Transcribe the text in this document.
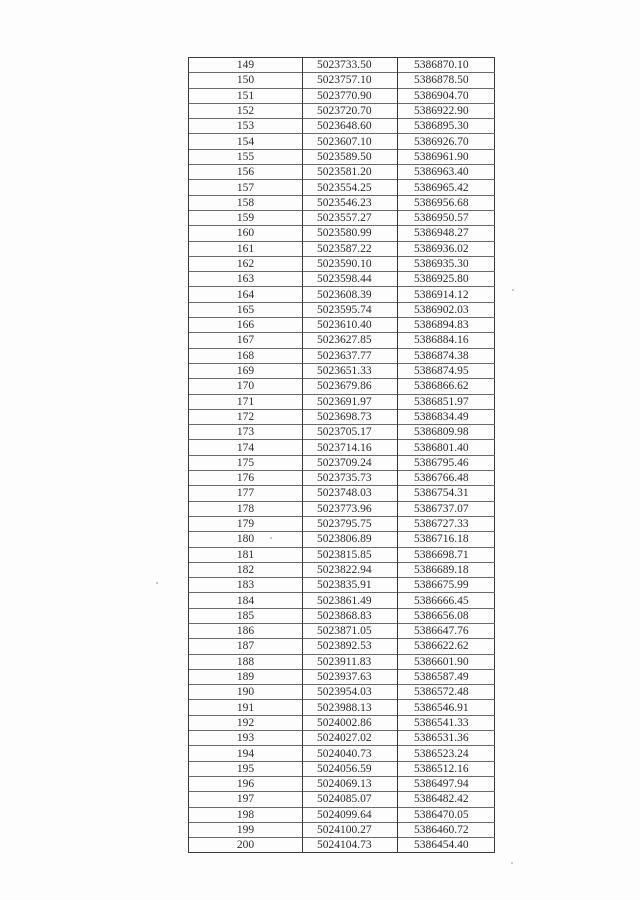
149	5023733.50	5386870.10
150	5023757.10	5386878.50
151	5023770.90	5386904.70
152	5023720.70	5386922.90
153	5023648.60	5386895.30
154	5023607.10	5386926.70
155	5023589.50	5386961.90
156	5023581.20	5386963.40
157	5023554.25	5386965.42
158	5023546.23	5386956.68
159	5023557.27	5386950.57
160	5023580.99	5386948.27
161	5023587.22	5386936.02
162	5023590.10	5386935.30
163	5023598.44	5386925.80
164	5023608.39	5386914.12
165	5023595.74	5386902.03
166	5023610.40	5386894.83
167	5023627.85	5386884.16
168	5023637.77	5386874.38
169	5023651.33	5386874.95
170	5023679.86	5386866.62
171	5023691.97	5386851.97
172	5023698.73	5386834.49
173	5023705.17	5386809.98
174	5023714.16	5386801.40
175	5023709.24	5386795.46
176	5023735.73	5386766.48
177	5023748.03	5386754.31
178	5023773.96	5386737.07
179	5023795.75	5386727.33
180	5023806.89	5386716.18
181	5023815.85	5386698.71
182	5023822.94	5386689.18
183	5023835.91	5386675.99
184	5023861.49	5386666.45
185	5023868.83	5386656.08
186	5023871.05	5386647.76
187	5023892.53	5386622.62
188	5023911.83	5386601.90
189	5023937.63	5386587.49
190	5023954.03	5386572.48
191	5023988.13	5386546.91
192	5024002.86	5386541.33
193	5024027.02	5386531.36
194	5024040.73	5386523.24
195	5024056.59	5386512.16
196	5024069.13	5386497.94
197	5024085.07	5386482.42
198	5024099.64	5386470.05
199	5024100.27	5386460.72
200	5024104.73	5386454.40
